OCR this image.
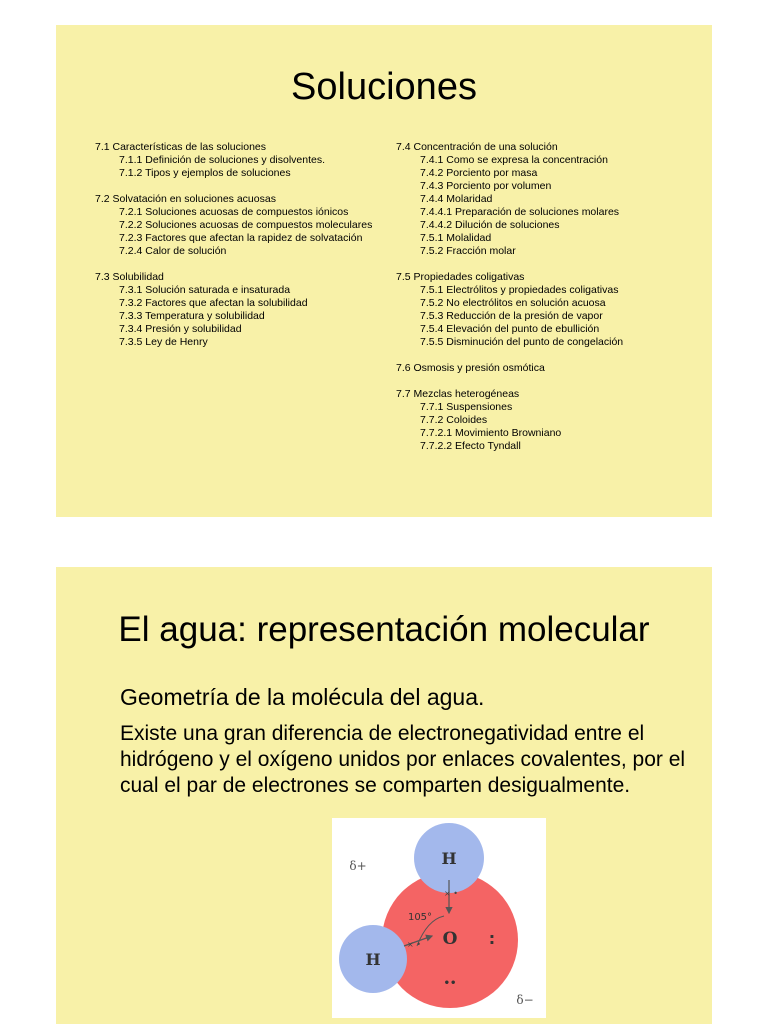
Soluciones
7.1 Características de las soluciones
7.1.1 Definición de soluciones y disolventes.
7.1.2 Tipos y ejemplos de soluciones
7.2 Solvatación en soluciones acuosas
7.2.1 Soluciones acuosas de compuestos iónicos
7.2.2 Soluciones acuosas de compuestos moleculares
7.2.3 Factores que afectan la rapidez de solvatación
7.2.4 Calor de solución
7.3 Solubilidad
7.3.1 Solución saturada e insaturada
7.3.2 Factores que afectan la solubilidad
7.3.3 Temperatura y solubilidad
7.3.4 Presión y solubilidad
7.3.5 Ley de Henry
7.4 Concentración de una solución
7.4.1 Como se expresa la concentración
7.4.2 Porciento por masa
7.4.3 Porciento por volumen
7.4.4 Molaridad
7.4.4.1 Preparación de soluciones molares
7.4.4.2 Dilución de soluciones
7.5.1 Molalidad
7.5.2 Fracción molar
7.5 Propiedades coligativas
7.5.1 Electrólitos y propiedades coligativas
7.5.2 No electrólitos en solución acuosa
7.5.3 Reducción de la presión de vapor
7.5.4 Elevación del punto de ebullición
7.5.5 Disminución del punto de congelación
7.6 Osmosis y presión osmótica
7.7 Mezclas heterogéneas
7.7.1 Suspensiones
7.7.2 Coloides
7.7.2.1 Movimiento Browniano
7.7.2.2 Efecto Tyndall
El agua: representación molecular
Geometría de la molécula del agua.
Existe una gran diferencia de electronegatividad entre el hidrógeno y el oxígeno unidos por enlaces covalentes, por el cual el par de electrones se comparten desigualmente.
× •
× •
H
H
O
105°
:
••
δ+
δ−
